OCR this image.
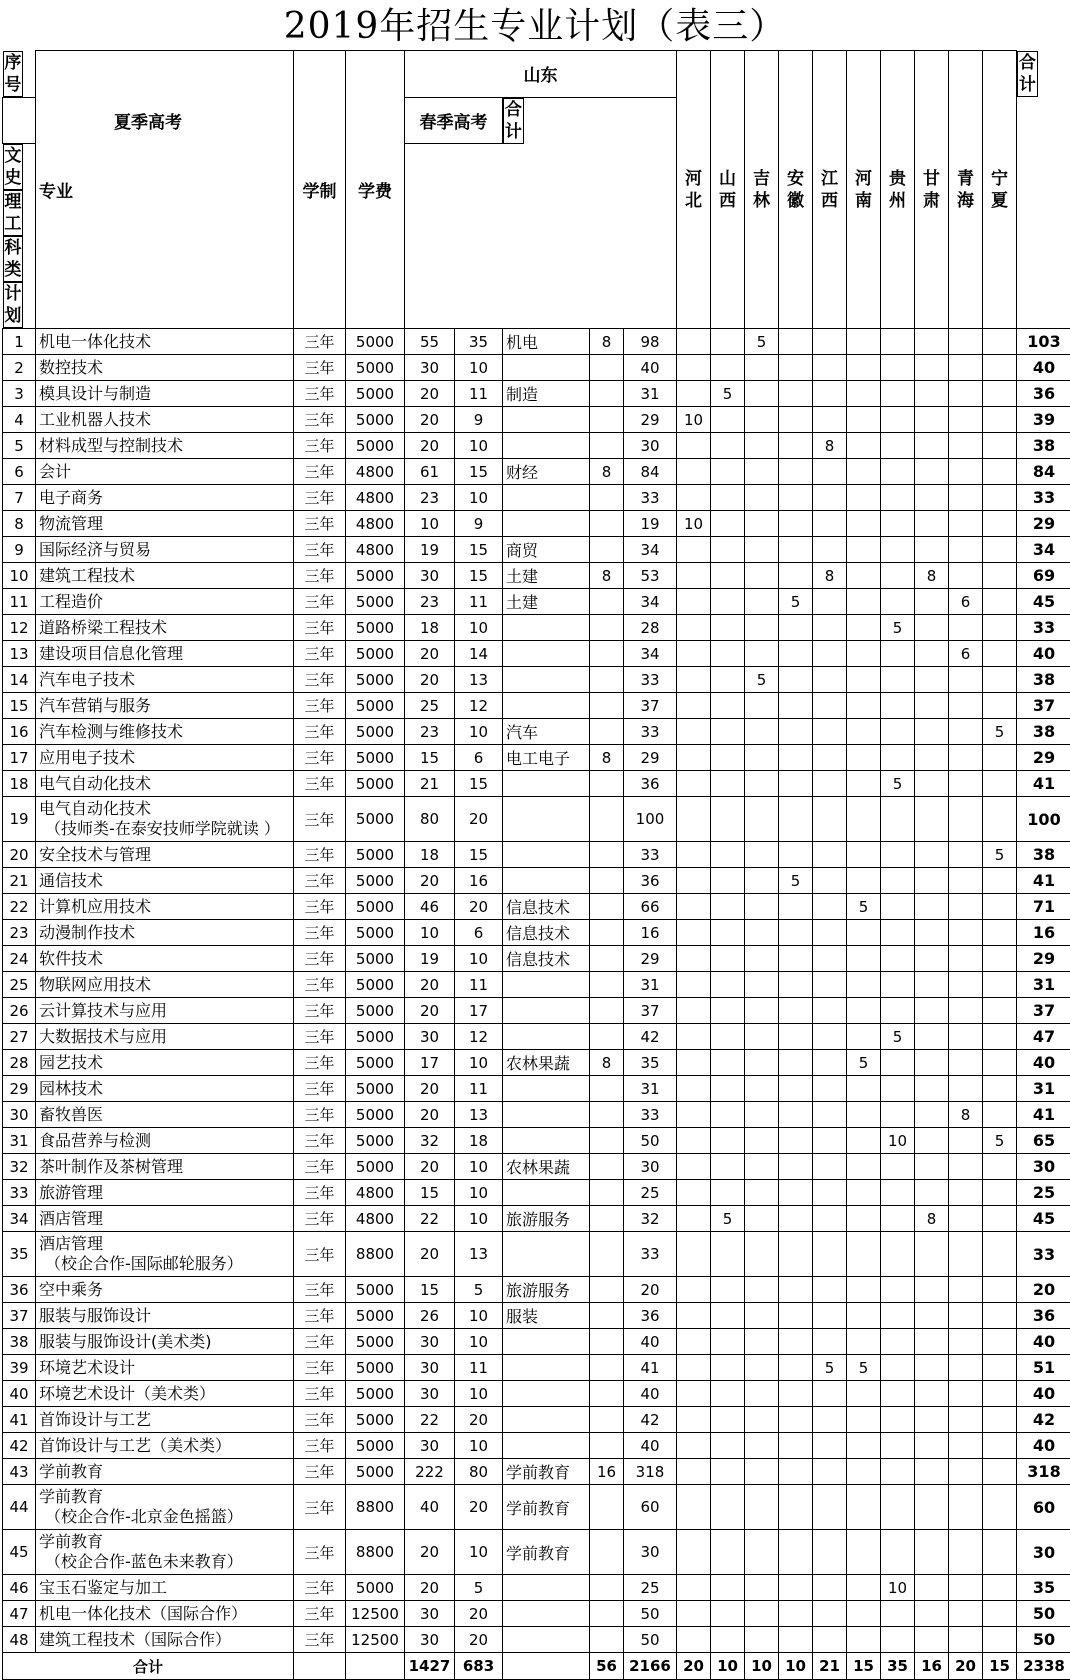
2019年招生专业计划（表三）
序号专业	学制	学费	山东					河北	山西	吉林	安徽	江西	河南	贵州	甘肃	青海	宁夏	合计
夏季高考				春季高考	合计
文史理工科类计划
1	机电一体化技术	三年	5000	55	35	机电	8	98			5								103
2	数控技术	三年	5000	30	10			40											40
3	模具设计与制造	三年	5000	20	11	制造		31		5									36
4	工业机器人技术	三年	5000	20	9			29	10										39
5	材料成型与控制技术	三年	5000	20	10			30					8						38
6	会计	三年	4800	61	15	财经	8	84											84
7	电子商务	三年	4800	23	10			33											33
8	物流管理	三年	4800	10	9			19	10										29
9	国际经济与贸易	三年	4800	19	15	商贸		34											34
10	建筑工程技术	三年	5000	30	15	土建	8	53					8			8			69
11	工程造价	三年	5000	23	11	土建		34				5					6		45
12	道路桥梁工程技术	三年	5000	18	10			28							5				33
13	建设项目信息化管理	三年	5000	20	14			34									6		40
14	汽车电子技术	三年	5000	20	13			33			5								38
15	汽车营销与服务	三年	5000	25	12			37											37
16	汽车检测与维修技术	三年	5000	23	10	汽车		33										5	38
17	应用电子技术	三年	5000	15	6	电工电子	8	29											29
18	电气自动化技术	三年	5000	21	15			36							5				41
19	电气自动化技术
（技师类-在泰安技师学院就读 ）	三年	5000	80	20			100											100
20	安全技术与管理	三年	5000	18	15			33										5	38
21	通信技术	三年	5000	20	16			36				5							41
22	计算机应用技术	三年	5000	46	20	信息技术		66						5					71
23	动漫制作技术	三年	5000	10	6	信息技术		16											16
24	软件技术	三年	5000	19	10	信息技术		29											29
25	物联网应用技术	三年	5000	20	11			31											31
26	云计算技术与应用	三年	5000	20	17			37											37
27	大数据技术与应用	三年	5000	30	12			42							5				47
28	园艺技术	三年	5000	17	10	农林果蔬	8	35						5					40
29	园林技术	三年	5000	20	11			31											31
30	畜牧兽医	三年	5000	20	13			33									8		41
31	食品营养与检测	三年	5000	32	18			50							10			5	65
32	茶叶制作及茶树管理	三年	5000	20	10	农林果蔬		30											30
33	旅游管理	三年	4800	15	10			25											25
34	酒店管理	三年	4800	22	10	旅游服务		32		5						8			45
35	酒店管理
（校企合作-国际邮轮服务）	三年	8800	20	13			33											33
36	空中乘务	三年	5000	15	5	旅游服务		20											20
37	服装与服饰设计	三年	5000	26	10	服装		36											36
38	服装与服饰设计(美术类)	三年	5000	30	10			40											40
39	环境艺术设计	三年	5000	30	11			41					5	5					51
40	环境艺术设计（美术类）	三年	5000	30	10			40											40
41	首饰设计与工艺	三年	5000	22	20			42											42
42	首饰设计与工艺（美术类）	三年	5000	30	10			40											40
43	学前教育	三年	5000	222	80	学前教育	16	318											318
44	学前教育
（校企合作-北京金色摇篮）	三年	8800	40	20	学前教育		60											60
45	学前教育
（校企合作-蓝色未来教育）	三年	8800	20	10	学前教育		30											30
46	宝玉石鉴定与加工	三年	5000	20	5			25							10				35
47	机电一体化技术（国际合作）	三年	12500	30	20			50											50
48	建筑工程技术（国际合作）	三年	12500	30	20			50											50
合计				1427	683		56	2166	20	10	10	10	21	15	35	16	20	15	2338
